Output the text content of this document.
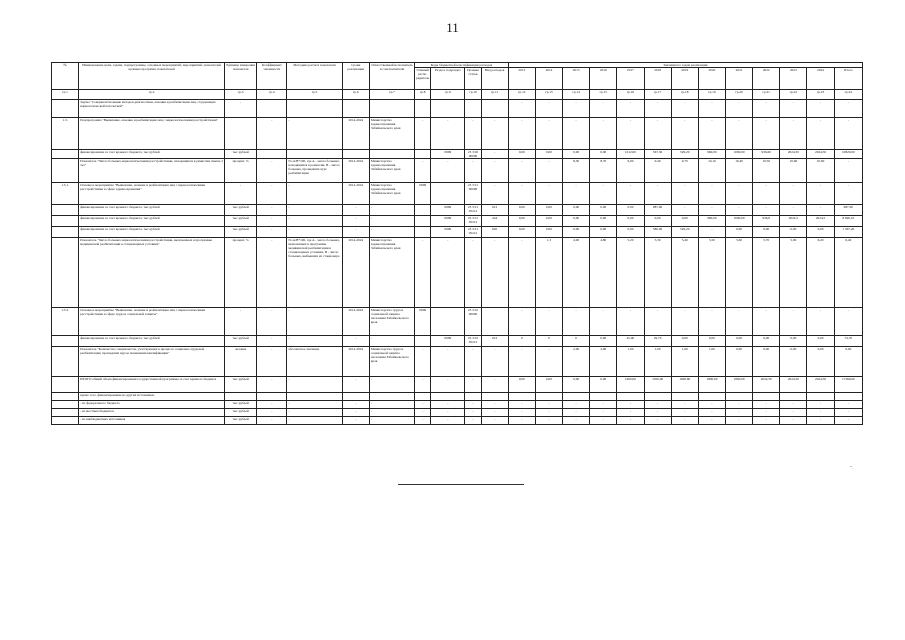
11
№	Наименование цели, задачи, подпрограммы, основных мероприятий, мероприятий, показателей целевых программ, показателей	Единица измерения показателя	Коэффициент значимости	Методика расчета показателя	Сроки реализации	Ответственный исполнитель и соисполнители	Коды бюджетной классификации расходов				Значения по годам реализации												
							Главный распо-рядитель	Раздел, подраздел	Целевая статья	Вид расходов	2013	2014	2015	2016	2017	2018	2019	2020	2021	2022	2023	2024	Итого
гр.1	гр.2	гр.3	гр.4	гр.5	гр.6	гр.7	гр.8	гр.9	гр.10	гр.11	гр.12	гр.13	гр.14	гр.15	гр.16	гр.17	гр.18	гр.19	гр.20	гр.21	гр.22	гр.23	гр.24
	Задача "Совершенствование методов диагностики, лечения и реабилитации лиц, страдающих наркологической патологией"	-									-	-	-	-	-	-	-	-	-	-	-	-	-
1.3.	Подпрограмма "Выявление, лечение и реабилитация лиц с наркологическими расстройствами"		-	-	2014-2024	Министерство здравоохранения Забайкальского края	-	-	-	-	-	-	-	-	-	-	-	-	-	-	-	-	-
	финансирование за счет краевого бюджета, тыс.рублей	тыс.рублей						0909	23 3 00 00000	-	0,00	0,00	0,00	0,00	1012,00	567,30	529,20	960,00	1090,00	936,60	2024,50	2024,50	10820,00
	Показатель "Число больных наркологическими расстройствами, находящихся в ремиссии свыше 2 лет"	процент, %	-	N=A/B*100, где A - число больных, находящихся в ремиссии, B - число больных, прошедших курс реабилитации	2014-2024	Министерство здравоохранения Забайкальского края	-	-	-	-	-	-	8,30	8,70	9,00	9,40	9,70	10,10	10,40	10,50	10,60	10,60	-
1.3.1.	Основное мероприятие "Выявление, лечение и реабилитация лиц с наркологическими расстройствами в сфере здравоохранения"	-	-	-	2014-2024	Министерство здравоохранения Забайкальского края	0909		23 3 01 00000	-	-	-	-	-	-	-	-	-	-	-	-	-	-
	финансирование за счет краевого бюджета, тыс.рублей	тыс.рублей	-	-	-	-		0909	23 3 01 05212	612	0,00	0,00	0,00	0,00	0,00	987,00	-	-	-	-	-	-	987,00
	финансирование за счет краевого бюджета, тыс.рублей	тыс.рублей	-	-	-	-		0909	23 3 01 05212	244	0,00	0,00	0,00	0,00	0,00	0,00	0,00	980,00	1090,00	936,6	2024,5	2024,5	8 690,10
	финансирование за счет краевого бюджета, тыс.рублей	тыс.рублей	-	-	-	-		0909	23 3 01 05212	620	0,00	0,00	0,00	0,00	0,00	580,00	529,20	-	0,00	0,00	0,00	0,00	1 567,20
	Показатель "Число больных наркологическими расстройствами, включенных в программы медицинской реабилитации в стационарных условиях"	процент, %	-	N=A/B*100, где A - число больных, включенных в программы медицинской реабилитации в стационарных условиях, B - число больных, выбывших из стационара	2014-2024	Министерство здравоохранения Забайкальского края	-	-	-	-	-	1,3	4,00	4,80	5,20	5,30	5,40	5,50	5,60	5,70	5,90	6,20	6,40
1.3.2.	Основное мероприятие "Выявление, лечение и реабилитация лиц с наркологическими расстройствами в сфере труда и социальной защиты"	-	-	-	2014-2024	Министерство труда и социальной защиты населения Забайкальского края	0909		23 3 02 00000		-	-	-	-	-	-	-	-	-	-	-	-	-
	финансирование за счет краевого бюджета, тыс.рублей	тыс.рублей	-	-	-	-		0909	23 3 02 05212	612	0	0	0	0,00	45,00	29,70	0,00	0,00	0,00	0,00	0,00	0,00	74,70
	Показатель "Количество специалистов, участвующих в процессе социально-трудовой реабилитации, прошедших курсы повышения квалификации"	человек	-	абсолютное значение	2014-2024	Министерство труда и социальной защиты населения Забайкальского края	-	-	-	-	-	-	2,00	2,00	1,00	1,00	1,00	1,00	0,00	0,00	0,00	0,00	9,00
	ИТОГО общий объем финансирования государственной программы за счет краевого бюджета	тыс.рублей	-	-	-	-	-	-	-	-	0,00	0,00	0,00	0,00	1900,00	1050,00	1060,60	1800,00	1800,00	2024,50	2024,50	2024,50	17269,60
	кроме того, финансирование из других источников:																						
	- из федерального бюджета	тыс.рублей	-	-	-	-	-	-	-	-	-	-	-	-	-	-	-	-	-	-	-	-	-
	- из местных бюджетов	тыс.рублей	-	-	-	-	-	-	-	-	-	-	-	-	-	-	-	-	-	-	-	-	-
	- из внебюджетных источников	тыс.рублей	-	-	-	-	-	-	-	-	-	-	-	-	-	-	-	-	-	-	-	-	-
".
